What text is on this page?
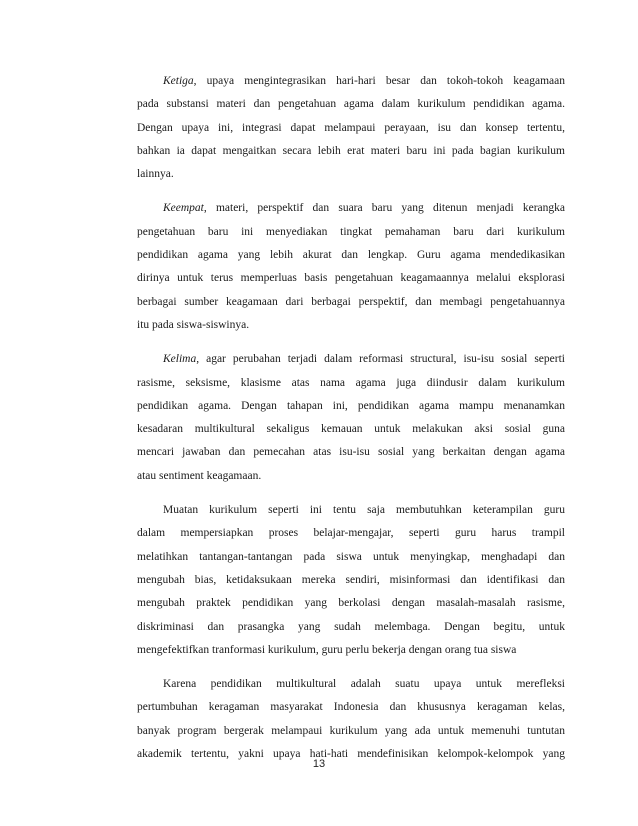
Ketiga, upaya mengintegrasikan hari-hari besar dan tokoh-tokoh keagamaan
pada substansi materi dan pengetahuan agama dalam kurikulum pendidikan agama.
Dengan upaya ini, integrasi dapat melampaui perayaan, isu dan konsep tertentu,
bahkan ia dapat mengaitkan secara lebih erat materi baru ini pada bagian kurikulum
lainnya.
Keempat, materi, perspektif dan suara baru yang ditenun menjadi kerangka
pengetahuan baru ini menyediakan tingkat pemahaman baru dari kurikulum
pendidikan agama yang lebih akurat dan lengkap. Guru agama mendedikasikan
dirinya untuk terus memperluas basis pengetahuan keagamaannya melalui eksplorasi
berbagai sumber keagamaan dari berbagai perspektif, dan membagi pengetahuannya
itu pada siswa-siswinya.
Kelima, agar perubahan terjadi dalam reformasi structural, isu-isu sosial seperti
rasisme, seksisme, klasisme atas nama agama juga diindusir dalam kurikulum
pendidikan agama. Dengan tahapan ini, pendidikan agama mampu menanamkan
kesadaran multikultural sekaligus kemauan untuk melakukan aksi sosial guna
mencari jawaban dan pemecahan atas isu-isu sosial yang berkaitan dengan agama
atau sentiment keagamaan.
Muatan kurikulum seperti ini tentu saja membutuhkan keterampilan guru
dalam mempersiapkan proses belajar-mengajar, seperti guru harus trampil
melatihkan tantangan-tantangan pada siswa untuk menyingkap, menghadapi dan
mengubah bias, ketidaksukaan mereka sendiri, misinformasi dan identifikasi dan
mengubah praktek pendidikan yang berkolasi dengan masalah-masalah rasisme,
diskriminasi dan prasangka yang sudah melembaga. Dengan begitu, untuk
mengefektifkan tranformasi kurikulum, guru perlu bekerja dengan orang tua siswa
Karena pendidikan multikultural adalah suatu upaya untuk merefleksi
pertumbuhan keragaman masyarakat Indonesia dan khususnya keragaman kelas,
banyak program bergerak melampaui kurikulum yang ada untuk memenuhi tuntutan
akademik tertentu, yakni upaya hati-hati mendefinisikan kelompok-kelompok yang
13
